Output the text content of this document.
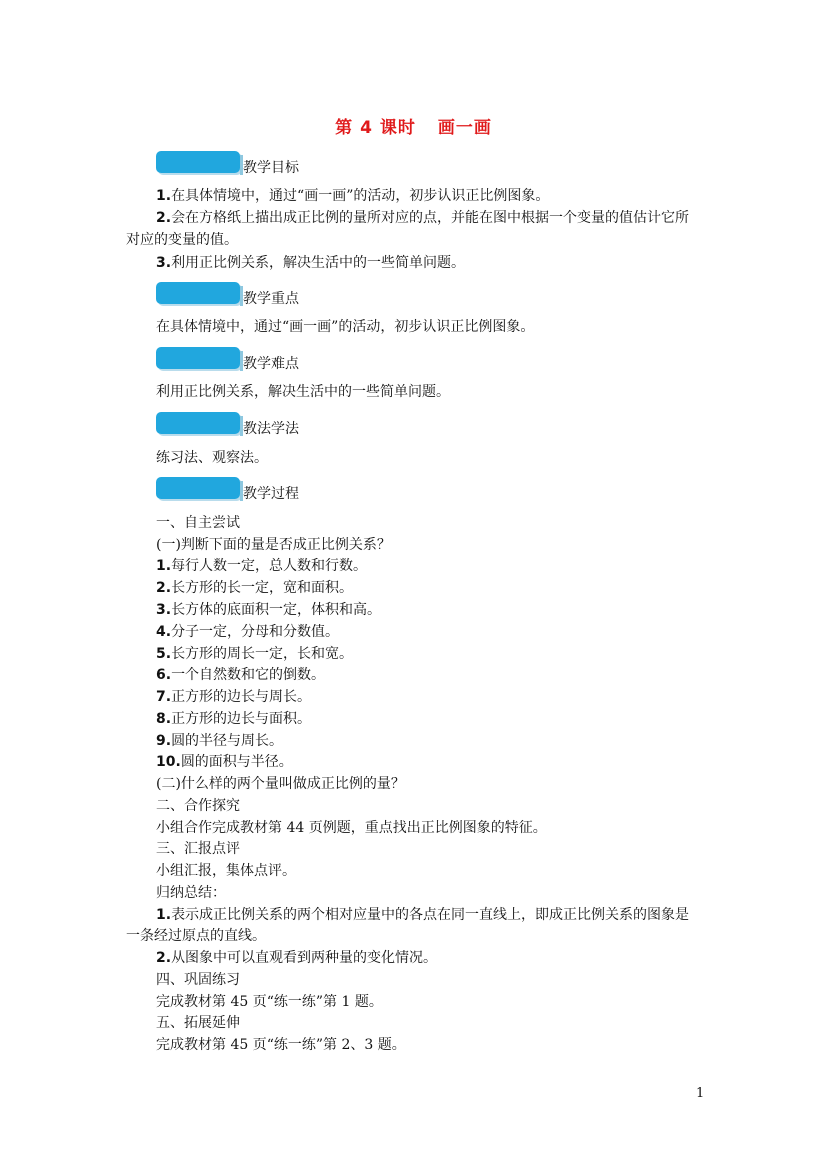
第 4 课时 画一画
教学目标
1.在具体情境中，通过“画一画”的活动，初步认识正比例图象。
2.会在方格纸上描出成正比例的量所对应的点，并能在图中根据一个变量的值估计它所
对应的变量的值。
3.利用正比例关系，解决生活中的一些简单问题。
教学重点
在具体情境中，通过“画一画”的活动，初步认识正比例图象。
教学难点
利用正比例关系，解决生活中的一些简单问题。
教法学法
练习法、观察法。
教学过程
一、自主尝试
(一)判断下面的量是否成正比例关系？
1.每行人数一定，总人数和行数。
2.长方形的长一定，宽和面积。
3.长方体的底面积一定，体积和高。
4.分子一定，分母和分数值。
5.长方形的周长一定，长和宽。
6.一个自然数和它的倒数。
7.正方形的边长与周长。
8.正方形的边长与面积。
9.圆的半径与周长。
10.圆的面积与半径。
(二)什么样的两个量叫做成正比例的量？
二、合作探究
小组合作完成教材第 44 页例题，重点找出正比例图象的特征。
三、汇报点评
小组汇报，集体点评。
归纳总结：
1.表示成正比例关系的两个相对应量中的各点在同一直线上，即成正比例关系的图象是
一条经过原点的直线。
2.从图象中可以直观看到两种量的变化情况。
四、巩固练习
完成教材第 45 页“练一练”第 1 题。
五、拓展延伸
完成教材第 45 页“练一练”第 2、3 题。
1
